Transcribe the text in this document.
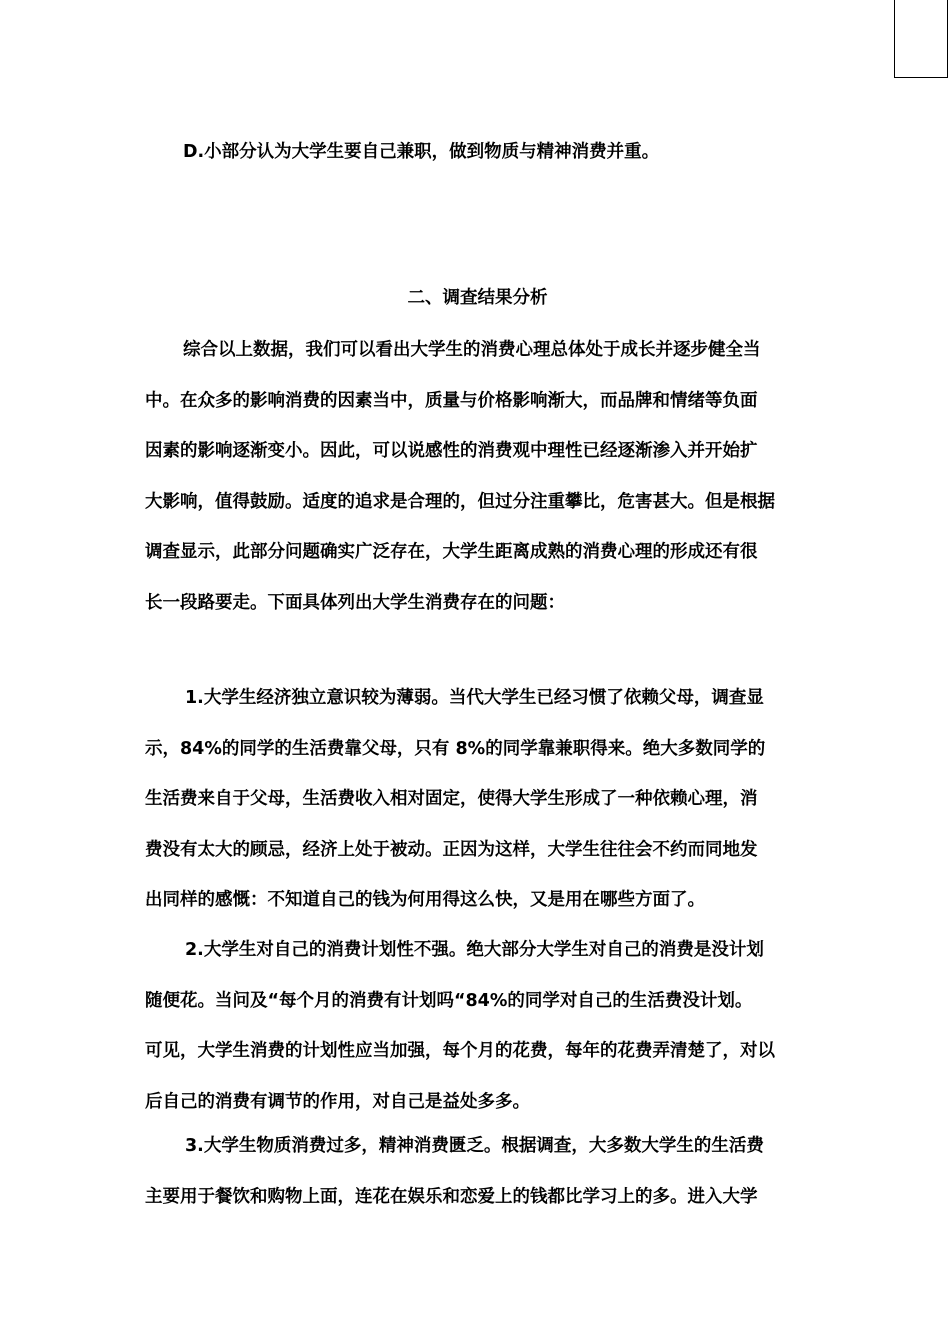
D.小部分认为大学生要自己兼职，做到物质与精神消费并重。

二、调查结果分析

综合以上数据，我们可以看出大学生的消费心理总体处于成长并逐步健全当
中。在众多的影响消费的因素当中，质量与价格影响渐大，而品牌和情绪等负面
因素的影响逐渐变小。因此，可以说感性的消费观中理性已经逐渐渗入并开始扩
大影响，值得鼓励。适度的追求是合理的，但过分注重攀比，危害甚大。但是根据
调查显示，此部分问题确实广泛存在，大学生距离成熟的消费心理的形成还有很
长一段路要走。下面具体列出大学生消费存在的问题：

1.大学生经济独立意识较为薄弱。当代大学生已经习惯了依赖父母，调查显
示，84%的同学的生活费靠父母，只有 8%的同学靠兼职得来。绝大多数同学的
生活费来自于父母，生活费收入相对固定，使得大学生形成了一种依赖心理，消
费没有太大的顾忌，经济上处于被动。正因为这样，大学生往往会不约而同地发
出同样的感慨：不知道自己的钱为何用得这么快，又是用在哪些方面了。

2.大学生对自己的消费计划性不强。绝大部分大学生对自己的消费是没计划
随便花。当问及“每个月的消费有计划吗“84%的同学对自己的生活费没计划。
可见，大学生消费的计划性应当加强，每个月的花费，每年的花费弄清楚了，对以
后自己的消费有调节的作用，对自己是益处多多。

3.大学生物质消费过多，精神消费匮乏。根据调查，大多数大学生的生活费
主要用于餐饮和购物上面，连花在娱乐和恋爱上的钱都比学习上的多。进入大学
